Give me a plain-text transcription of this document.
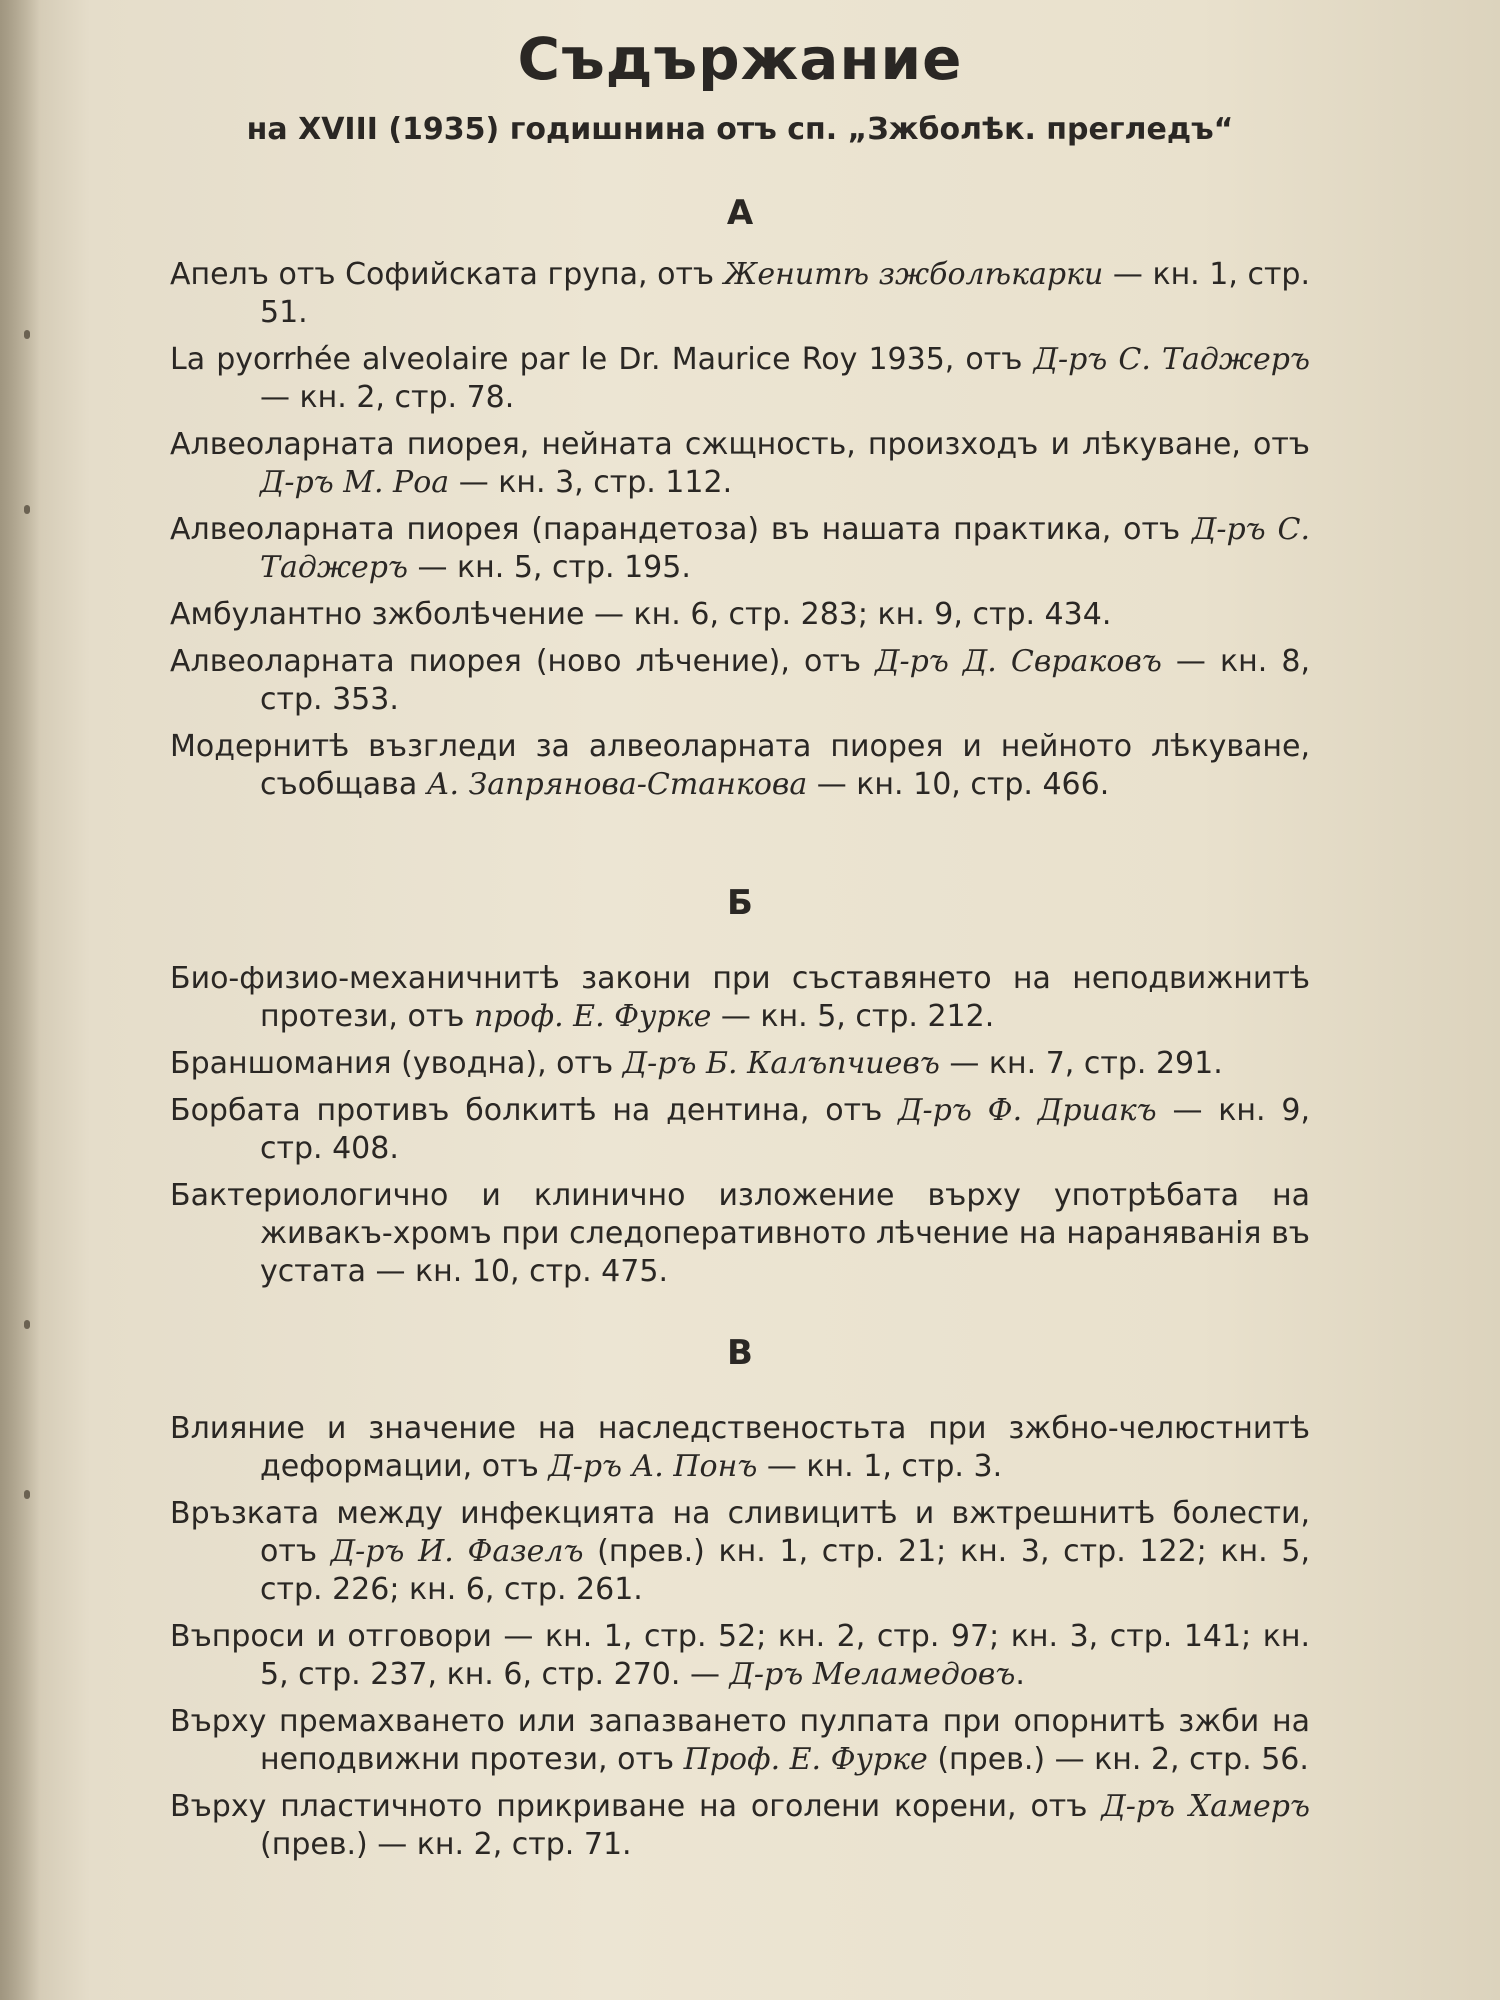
Съдържание
на XVIII (1935) годишнина отъ сп. „Зжболѣк. прегледъ“
А

Апелъ отъ Софийската група, отъ Женитѣ зжболѣкарки — кн. 1, стр. 51.

La pyorrhée alveolaire par le Dr. Maurice Roy 1935, отъ Д-ръ С. Таджеръ — кн. 2, стр. 78.

Алвеоларната пиорея, нейната сжщность, произходъ и лѣкуване, отъ Д-ръ М. Роа — кн. 3, стр. 112.

Алвеоларната пиорея (парандетоза) въ нашата практика, отъ Д-ръ С. Таджеръ — кн. 5, стр. 195.

Амбулантно зжболѣчение — кн. 6, стр. 283; кн. 9, стр. 434.

Алвеоларната пиорея (ново лѣчение), отъ Д-ръ Д. Свраковъ — кн. 8, стр. 353.

Модернитѣ възгледи за алвеоларната пиорея и нейното лѣкуване, съобщава А. Запрянова-Станкова — кн. 10, стр. 466.

Б

Био-физио-механичнитѣ закони при съставянето на неподвижнитѣ протези, отъ проф. Е. Фурке — кн. 5, стр. 212.

Браншомания (уводна), отъ Д-ръ Б. Калъпчиевъ — кн. 7, стр. 291.

Борбата противъ болкитѣ на дентина, отъ Д-ръ Ф. Дриакъ — кн. 9, стр. 408.

Бактериологично и клинично изложение върху употрѣбата на живакъ-хромъ при следоперативното лѣчение на нараняванія въ устата — кн. 10, стр. 475.

В

Влияние и значение на наследственостьта при зжбно-челюстнитѣ деформации, отъ Д-ръ А. Понъ — кн. 1, стр. 3.

Връзката между инфекцията на сливицитѣ и вжтрешнитѣ болести, отъ Д-ръ И. Фазелъ (прев.) кн. 1, стр. 21; кн. 3, стр. 122; кн. 5, стр. 226; кн. 6, стр. 261.

Въпроси и отговори — кн. 1, стр. 52; кн. 2, стр. 97; кн. 3, стр. 141; кн. 5, стр. 237, кн. 6, стр. 270. — Д-ръ Меламедовъ.

Върху премахването или запазването пулпата при опорнитѣ зжби на неподвижни протези, отъ Проф. Е. Фурке (прев.) — кн. 2, стр. 56.

Върху пластичното прикриване на оголени корени, отъ Д-ръ Хамеръ (прев.) — кн. 2, стр. 71.
